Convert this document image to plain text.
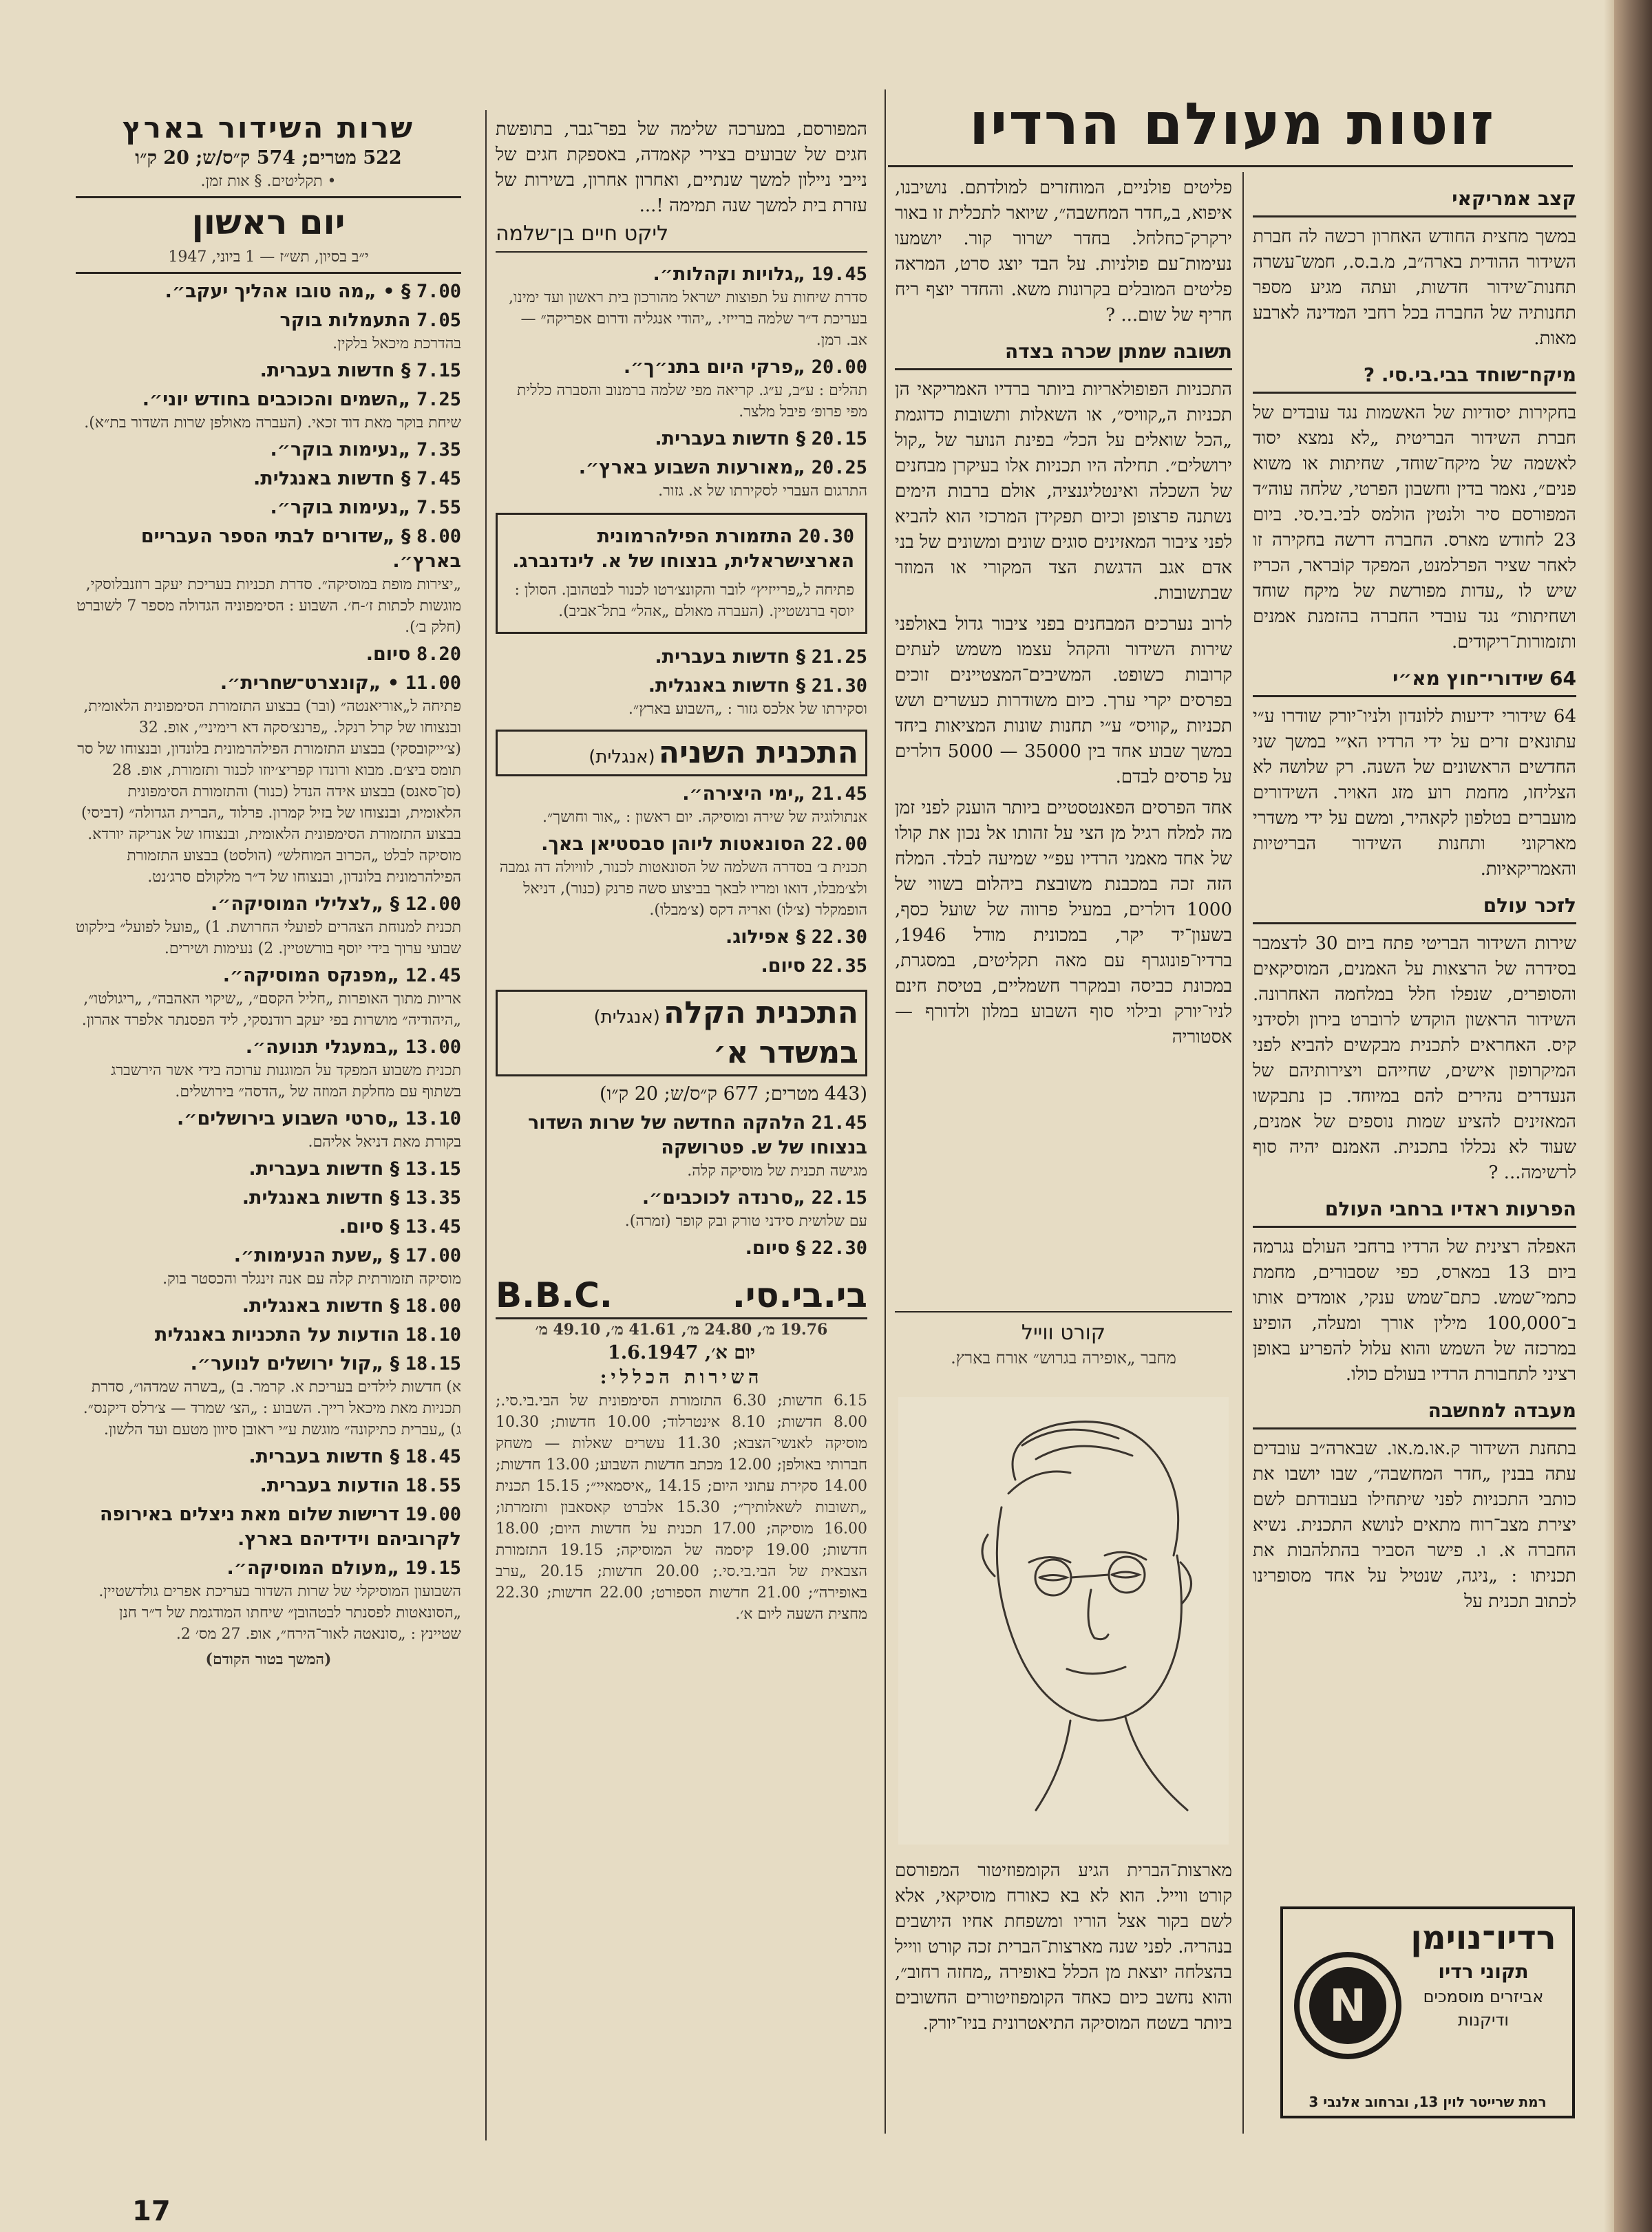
זוטות מעולם הרדיו
קצב אמריקאי

במשך מחצית החודש האחרון רכשה לה חברת השידור ההודית בארה״ב, מ.ב.ס., חמש־עשרה תחנות־שידור חדשות, ועתה מגיע מספר תחנותיה של החברה בכל רחבי המדינה לארבע מאות.

מיקח־שוחד בבי.בי.סי. ?

בחקירות יסודיות של האשמות נגד עובדים של חברת השידור הבריטית „לא נמצא יסוד לאשמה של מיקח־שוחד, שחיתות או משוא פנים״, נאמר בדין וחשבון הפרטי, שלחה עוה״ד המפורסם סיר ולנטין הולמס לבי.בי.סי. ביום 23 לחודש מארס. החברה דרשה בחקירה זו לאחר שציר הפרלמנט, המפקד קוֹבראר, הכריז שיש לו „עדות מפורשת של מיקח שוחד ושחיתות״ נגד עובדי החברה בהזמנת אמנים ותזמורות־ריקודים.

64 שידורי־חוץ מא״י

64 שידורי ידיעות ללונדון ולניו־יורק שודרו ע״י עתונאים זרים על ידי הרדיו הא״י במשך שני החדשים הראשונים של השנה. רק שלושה לא הצליחו, מחמת רוע מזג האויר. השידורים מועברים בטלפון לקאהיר, ומשם על ידי משדרי מארקוני ותחנות השידור הבריטיות והאמריקאיות.

לזכר עולם

שירות השידור הבריטי פתח ביום 30 לדצמבר בסידרה של הרצאות על האמנים, המוסיקאים והסופרים, שנפלו חלל במלחמה האחרונה. השידור הראשון הוקדש לרוברט בירון ולסידני קיס. האחראים לתכנית מבקשים להביא לפני המיקרופון אישים, שחייהם ויצירותיהם של הנעדרים נהירים להם במיוחד. כן נתבקשו המאזינים להציע שמות נוספים של אמנים, שעוד לא נכללו בתכנית. האמנם יהיה סוף לרשימה... ?

הפרעות ראדיו ברחבי העולם

האפלה רצינית של הרדיו ברחבי העולם נגרמה ביום 13 במארס, כפי שסבורים, מחמת כתמי־שמש. כתם־שמש ענקי, אומדים אותו ב־100,000 מילין אורך ומעלה, הופיע במרכזה של השמש והוא עלול להפריע באופן רציני לתחבורת הרדיו בעולם כולו.

מעבדה למחשבה

בתחנת השידור ק.או.מ.או. שבארה״ב עובדים עתה בבנין „חדר המחשבה״, שבו יושבו את כותבי התכניות לפני שיתחילו בעבודתם לשם יצירת מצב־רוח מתאים לנושא התכנית. נשיא החברה א. ו. פישר הסביר בהתלהבות את תכניתו : „ניגה, שנטיל על אחד מסופרינו לכתוב תכנית על

N
רדיו־נוימן
תקוני רדיו
אביזרים מוסמכים
ודיקנות
רמת שרייטר לוין 13, וברחוב אלנבי 3

פליטים פולניים, המוחזרים למולדתם. נושיבנו, איפוא, ב„חדר המחשבה״, שיואר לתכלית זו באור ירקרק־כחלחל. בחדר ישרור קור. יושמעו נעימות־עם פולניות. על הבד יוצג סרט, המראה פליטים המובלים בקרונות משא. והחדר יוצף ריח חריף של שום... ?

תשובה שמתן שכרה בצדה

התכניות הפופולאריות ביותר ברדיו האמריקאי הן תכניות ה„קוויס״, או השאלות ותשובות כדוגמת „הכל שואלים על הכל״ בפינת הנוער של „קול ירושלים״. תחילה היו תכניות אלו בעיקרן מבחנים של השכלה ואינטליגנציה, אולם ברבות הימים נשתנה פרצופן וכיום תפקידן המרכזי הוא להביא לפני ציבור המאזינים סוגים שונים ומשונים של בני אדם אגב הדגשת הצד המקורי או המוזר שבתשובות.

לרוב נערכים המבחנים בפני ציבור גדול באולפני שירות השידור והקהל עצמו משמש לעתים קרובות כשופט. המשיבים־המצטיינים זוכים בפרסים יקרי ערך. כיום משודרות כעשרים ושש תכניות „קוויס״ ע״י תחנות שונות המציאות ביחד במשך שבוע אחד בין 35000 — 5000 דולרים על פרסים לבדם.

אחד הפרסים הפאנטסטיים ביותר הוענק לפני זמן מה למלח רגיל מן הצי על זהותו אל נכון את קולו של אחד מאמני הרדיו עפ״י שמיעה לבלד. המלח הזה זכה במכבנת משובצת ביהלום בשווי של 1000 דולרים, במעיל פרווה של שועל כסף, בשעון־יד יקר, במכונית מודל 1946, ברדיו־פונוגרף עם מאה תקליטים, במסגרת, במכונת כביסה ובמקרר חשמליים, בטיסת חינם לניו־יורק ובילוי סוף השבוע במלון ולדורף — אסטוריה

קורט ווייל
מחבר „אופירה בגרוש״ אורח בארץ.

מארצות־הברית הגיע הקומפוזיטור המפורסם קורט ווייל. הוא לא בא כאורח מוסיקאי, אלא לשם בקור אצל הוריו ומשפחת אחיו היושבים בנהריה. לפני שנה מארצות־הברית זכה קורט ווייל בהצלחה יוצאת מן הכלל באופירה „מחזה רחוב״, והוא נחשב כיום כאחד הקומפוזיטורים החשובים ביותר בשטח המוסיקה התיאטרונית בניו־יורק.

המפורסם, במערכה שלימה של בפר־גבר, בתופשת חגים של שבועים בצירי קאמדה, באספקת חגים של נייבי ניילון למשך שנתיים, ואחרון אחרון, בשירות של עזרת בית למשך שנה תמימה !...

ליקט חיים בן־שלמה
19.45 „גלויות וקהלות״.
סדרת שיחות על תפוצות ישראל מהורכון בית ראשון ועד ימינו, בעריכת ד״ר שלמה ברייזי. „יהודי אנגליה ודרום אפריקה״ — אב. רמן.
20.00 „פרקי היום בתנ״ך״.
תהלים : ע״ב, ע״ג. קריאה מפי שלמה ברמנוב והסברה כללית מפי פרופ׳ פיבל מלצר.
20.15 § חדשות בעברית.
20.25 „מאורעות השבוע בארץ״.
התרגום העברי לסקירתו של א. גזור.
20.30 התזמורת הפילהרמונית הארצישראלית, בנצוחו של א. לינדנברג.
פתיחה ל„פרייזיץ״ לובר והקונצ׳רטו לכנור לבטהובן. הסולן : יוסף ברנשטיין. (העברה מאולם „אהל״ בתל־אביב).
21.25 § חדשות בעברית.
21.30 § חדשות באנגלית.
וסקירתו של אלכס גזור : „השבוע בארץ״.
התכנית השניה (אנגלית)
21.45 „ימי היצירה״.
אנתולוגיה של שירה ומוסיקה. יום ראשון : „אור וחושך״.
22.00 הסונאטות ליוהן סבסטיאן באך.
תכנית ב׳ בסדרה השלמה של הסונאטות לכנור, לוויולה דה גמבה ולצ׳מבלו, דואו ומריו לבאך בביצוע סשה פרנק (כנור), דניאל הופמקלר (צ׳לו) ואריה דקס (צ׳מבלו).
22.30 § אפילוג.
22.35 סיום.
התכנית הקלה (אנגלית)
במשדר א׳
(443 מטרים; 677 ק״ס/ש; 20 ק״ו)
21.45 הלהקה החדשה של שרות השדור בנצוחו של ש. פטרושקה
מגישה תכנית של מוסיקה קלה.
22.15 „סרנדה לכוכבים״.
עם שלושית סידני טורק ובק קופר (זמרה).
22.30 § סיום.
בי.בי.סי.
B.B.C.
19.76 מ׳, 24.80 מ׳, 41.61 מ׳, 49.10 מ׳
יום א׳, 1.6.1947
השירות הכללי:

6.15 חדשות; 6.30 התזמורת הסימפונית של הבי.בי.סי.; 8.00 חדשות; 8.10 אינטרלוד; 10.00 חדשות; 10.30 מוסיקה לאנשי־הצבא; 11.30 עשרים שאלות — משחק חברותי באולפן; 12.00 מכתב חדשות השבוע; 13.00 חדשות; 14.00 סקירת עתוני היום; 14.15 „איסמאיי״; 15.15 תכנית „תשובות לשאלותיך״; 15.30 אלברט קאסאבון ותזמרתו; 16.00 מוסיקה; 17.00 תכנית על חדשות היום; 18.00 חדשות; 19.00 קיסמה של המוסיקה; 19.15 התזמורת הצבאית של הבי.בי.סי.; 20.00 חדשות; 20.15 „ערב באופירה״; 21.00 חדשות הספורט; 22.00 חדשות; 22.30 מחצית השעה ליום א׳.

שרות השידור בארץ
522 מטרים; 574 ק״ס/ש; 20 ק״ו
• תקליטים. § אות זמן.
יום ראשון
י״ב בסיון, תש״ז — 1 ביוני, 1947
7.00 § • „מה טובו אהליך יעקב״.
7.05 התעמלות בוקר
בהדרכת מיכאל בלקין.
7.15 § חדשות בעברית.
7.25 „השמים והכוכבים בחודש יוני״.
שיחת בוקר מאת דוד זכאי. (העברה מאולפן שרות השדור בת״א).
7.35 „נעימות בוקר״.
7.45 § חדשות באנגלית.
7.55 „נעימות בוקר״.
8.00 § „שדורים לבתי הספר העבריים בארץ״.
„יצירות מופת במוסיקה״. סדרת תכניות בעריכת יעקב רוזנבלוסקי, מוגשות לכתות ז׳-ח׳. השבוע : הסימפוניה הגדולה מספר 7 לשוברט (חלק ב׳).
8.20 סיום.
11.00 • „קונצרט־שחרית״.
פתיחה ל„אוריאנטה״ (ובר) בבצוע התזמורת הסימפונית הלאומית, ובנצוחו של קרל רנקל. „פרנצ׳סקה דא רימיני״, אופ. 32 (צ׳ייקובסקי) בבצוע התזמורת הפילהרמונית בלונדון, ובנצוחו של סר תומס ביצ׳ם. מבוא ורונדו קפריצ׳יוזו לכנור ותזמורת, אופ. 28 (סן־סאנס) בבצוע אידה הנדל (כנור) והתזמורת הסימפונית הלאומית, ובנצוחו של בזיל קמרון. פרלוד „הברית הגדולה״ (דביסי) בבצוע התזמורת הסימפונית הלאומית, ובנצוחו של אנריקה יורדא. מוסיקה לבלט „הכרוב המוחלש״ (הולסט) בבצוע התזמורת הפילהרמונית בלונדון, ובנצוחו של ד״ר מלקולם סרג׳נט.
12.00 § „לצלילי המוסיקה״.
תכנית למנוחת הצהרים לפועלי החרושת. 1) „פועל לפועל״ בילקוט שבועי ערוך בידי יוסף בורשטיין. 2) נעימות ושירים.
12.45 „מפנקס המוסיקה״.
אריות מתוך האופרות „חליל הקסם״, „שיקוי האהבה״, „ריגולטו״, „היהודיה״ מושרות בפי יעקב רודנסקי, ליד הפסנתר אלפרד אהרון.
13.00 „במעגלי תנועה״.
תכנית משבוע המפקד על המוגנות ערוכה בידי אשר הירשברג בשתוף עם מחלקת המוזה של „הדסה״ בירושלים.
13.10 „סרטי השבוע בירושלים״.
בקורת מאת דניאל אליהם.
13.15 § חדשות בעברית.
13.35 § חדשות באנגלית.
13.45 § סיום.
17.00 § „שעת הנעימות״.
מוסיקה תזמורתית קלה עם אנה זינגלר והכסטר בוק.
18.00 § חדשות באנגלית.
18.10 הודעות על התכניות באנגלית
18.15 § „קול ירושלים לנוער״.
א) חדשות לילדים בעריכת א. קרמר. ב) „בשרה שמדהו״, סדרת תכניות מאת מיכאל רייך. השבוע : „הצ׳ שמרד — צ׳רלס דיקנס״. ג) „עברית כתיקונה״ מוגשת ע״י ראובן סיוון מטעם ועד הלשון.
18.45 § חדשות בעברית.
18.55 הודעות בעברית.
19.00 דרישות שלום מאת ניצלים באירופה לקרוביהם וידידיהם בארץ.
19.15 „מעולם המוסיקה״.
השבועון המוסיקלי של שרות השדור בעריכת אפרים גולדשטיין. „הסונאטות לפסנתר לבטהובן״ שיחתו המודגמת של ד״ר חנן שטיינץ : „סונאטה לאור־הירח״, אופ. 27 מס׳ 2.
(המשך בטור הקודם)
17
